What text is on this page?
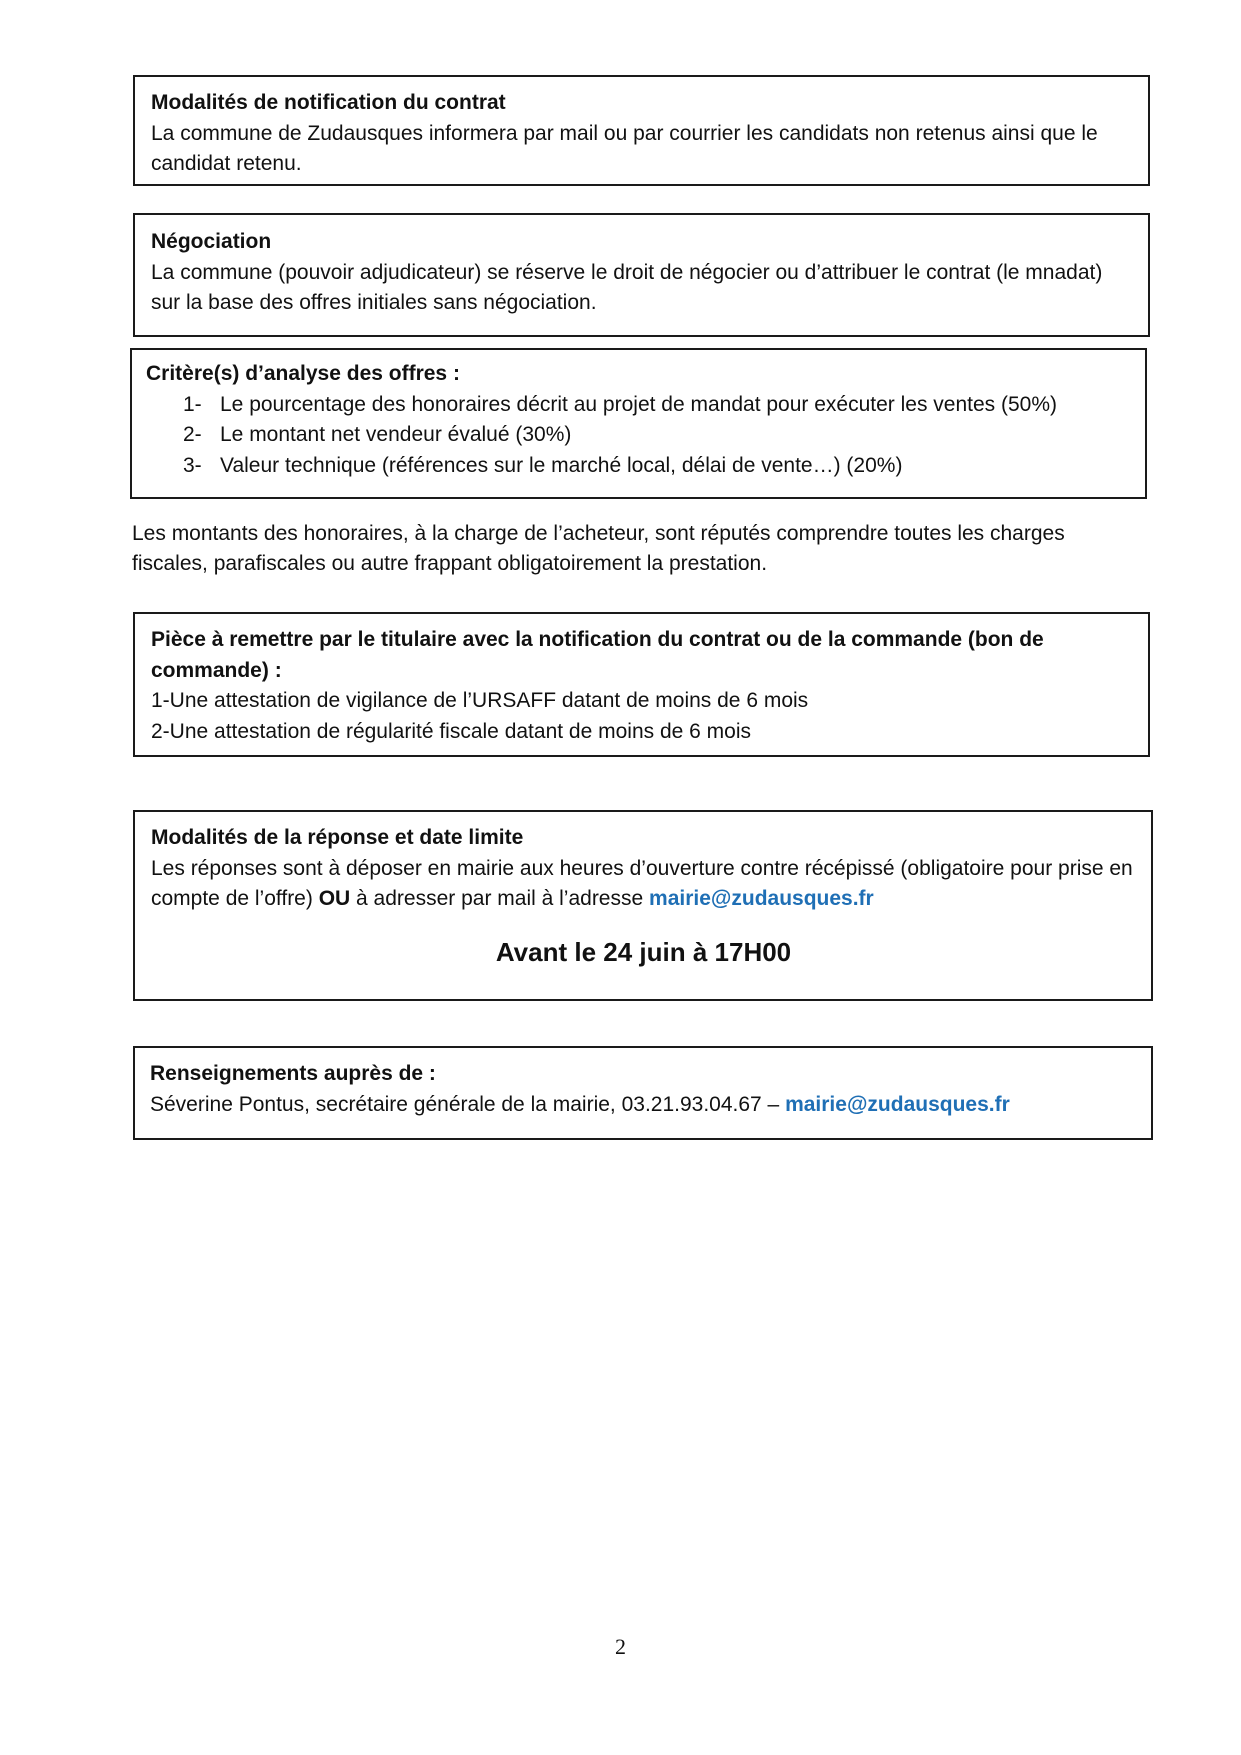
Modalités de notification du contrat

La commune de Zudausques informera par mail ou par courrier les candidats non retenus ainsi que le candidat retenu.

Négociation

La commune (pouvoir adjudicateur) se réserve le droit de négocier ou d’attribuer le contrat (le mnadat) sur la base des offres initiales sans négociation.

Critère(s) d’analyse des offres :

1- Le pourcentage des honoraires décrit au projet de mandat pour exécuter les ventes (50%)
2- Le montant net vendeur évalué (30%)
3- Valeur technique (références sur le marché local, délai de vente…) (20%)

Les montants des honoraires, à la charge de l’acheteur, sont réputés comprendre toutes les charges fiscales, parafiscales ou autre frappant obligatoirement la prestation.

Pièce à remettre par le titulaire avec la notification du contrat ou de la commande (bon de commande) :

1-Une attestation de vigilance de l’URSAFF datant de moins de 6 mois

2-Une attestation de régularité fiscale datant de moins de 6 mois

Modalités de la réponse et date limite

Les réponses sont à déposer en mairie aux heures d’ouverture contre récépissé (obligatoire pour prise en compte de l’offre) OU à adresser par mail à l’adresse mairie@zudausques.fr

Avant le 24 juin à 17H00

Renseignements auprès de :

Séverine Pontus, secrétaire générale de la mairie, 03.21.93.04.67 – mairie@zudausques.fr

2
